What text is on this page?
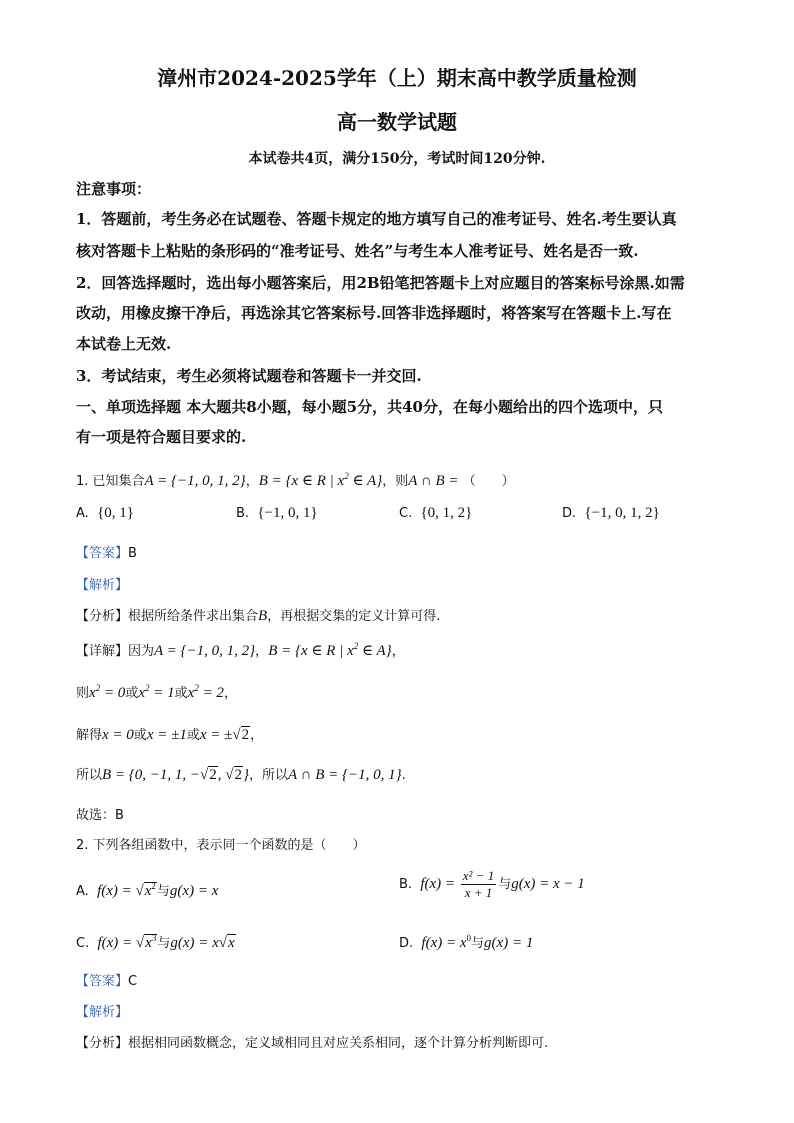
漳州市2024-2025学年（上）期末高中教学质量检测
高一数学试题
本试卷共4页，满分150分，考试时间120分钟.
注意事项：
1．答题前，考生务必在试题卷、答题卡规定的地方填写自己的准考证号、姓名.考生要认真
核对答题卡上粘贴的条形码的“准考证号、姓名”与考生本人准考证号、姓名是否一致.
2．回答选择题时，选出每小题答案后，用2B铅笔把答题卡上对应题目的答案标号涂黑.如需
改动，用橡皮擦干净后，再选涂其它答案标号.回答非选择题时，将答案写在答题卡上.写在
本试卷上无效.
3．考试结束，考生必须将试题卷和答题卡一并交回.
一、单项选择题 本大题共8小题，每小题5分，共40分，在每小题给出的四个选项中，只
有一项是符合题目要求的.
1. 已知集合A = {−1, 0, 1, 2}，B = {x ∈ R | $x^2$ ∈ A}，则A ∩ B = （　　）
A. {0, 1}	B. {−1, 0, 1}	C. {0, 1, 2}	D. {−1, 0, 1, 2}
【答案】B
【解析】
【分析】根据所给条件求出集合B，再根据交集的定义计算可得.
【详解】因为A = {−1, 0, 1, 2}，B = {x ∈ R | $x^2$ ∈ A}，
则$x^2 = 0$或$x^2 = 1$或$x^2 = 2$，
解得x = 0或x = ±1或x = ±√2，
所以B = {0, −1, 1, −√2, √2}，所以A ∩ B = {−1, 0, 1}.
故选：B
2. 下列各组函数中，表示同一个函数的是（　　）
A. $f(x) = √x^2$与g(x) = x	B. $f(x) = \frac{\text{x² − 1}}{x + 1}$ 与g(x) = x − 1
C. $f(x) = √x^3$与g(x) = x√x	D. $f(x) = x^0$与g(x) = 1
【答案】C
【解析】
【分析】根据相同函数概念，定义域相同且对应关系相同，逐个计算分析判断即可.
